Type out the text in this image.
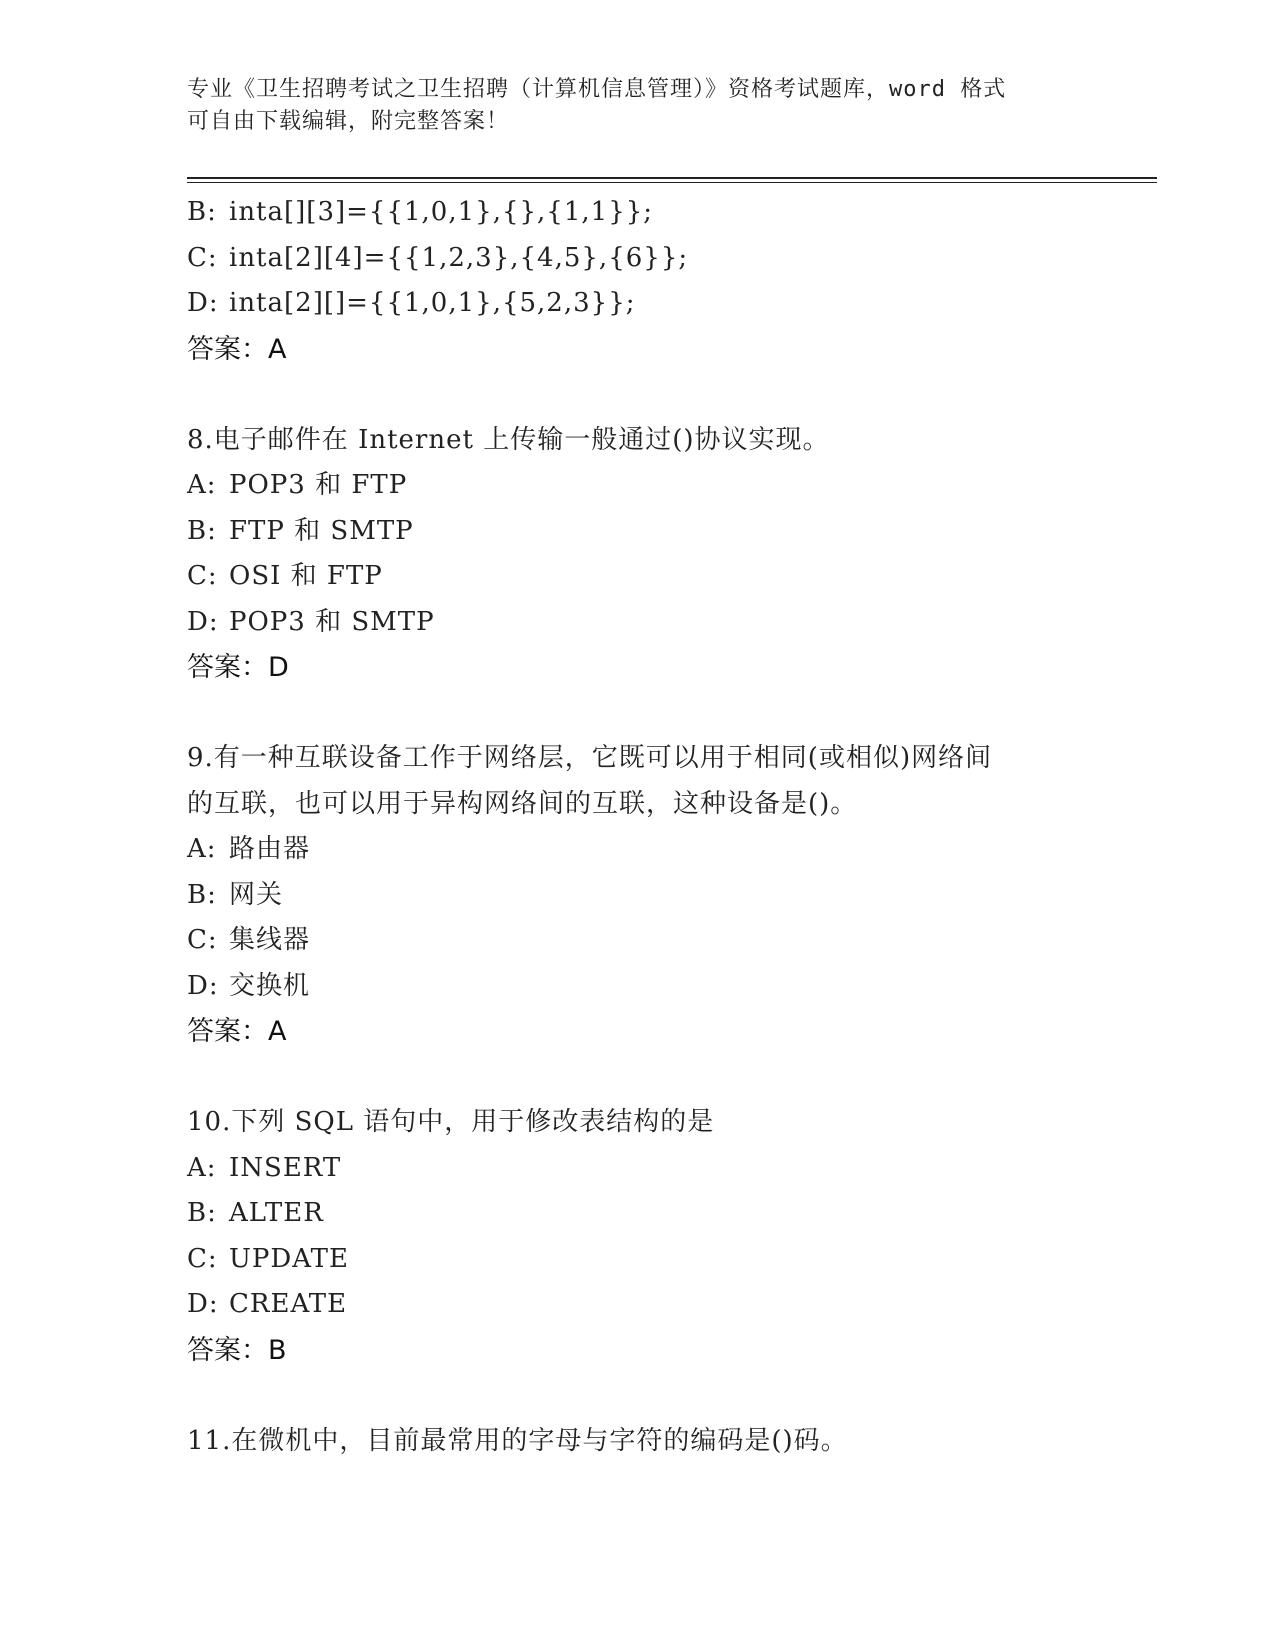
专业《卫生招聘考试之卫生招聘（计算机信息管理）》资格考试题库，word 格式
可自由下载编辑，附完整答案！
B: inta[][3]={{1,0,1},{},{1,1}};
C: inta[2][4]={{1,2,3},{4,5},{6}};
D: inta[2][]={{1,0,1},{5,2,3}};
答案：A
8.电子邮件在 Internet 上传输一般通过()协议实现。
A: POP3 和 FTP
B: FTP 和 SMTP
C: OSI 和 FTP
D: POP3 和 SMTP
答案：D
9.有一种互联设备工作于网络层，它既可以用于相同(或相似)网络间
的互联，也可以用于异构网络间的互联，这种设备是()。
A: 路由器
B: 网关
C: 集线器
D: 交换机
答案：A
10.下列 SQL 语句中，用于修改表结构的是
A: INSERT
B: ALTER
C: UPDATE
D: CREATE
答案：B
11.在微机中，目前最常用的字母与字符的编码是()码。
